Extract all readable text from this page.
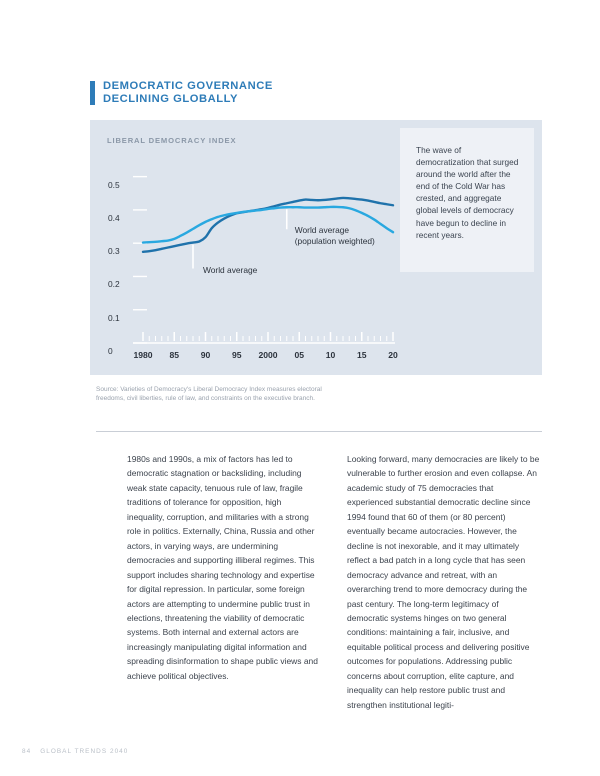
DEMOCRATIC GOVERNANCE
DECLINING GLOBALLY
LIBERAL DEMOCRACY INDEX
The wave of democratization that surged around the world after the end of the Cold War has crested, and aggregate global levels of democracy have begun to decline in recent years.
0
0.1
0.2
0.3
0.4
0.5
1980 85	90	95 2000 05	10	15	20
World average
World average
(population weighted)
Source: Varieties of Democracy's Liberal Democracy Index measures electoral freedoms, civil liberties, rule of law, and constraints on the executive branch.

1980s and 1990s, a mix of factors has led to democratic stagnation or backsliding, including weak state capacity, tenuous rule of law, fragile traditions of tolerance for opposition, high inequality, corruption, and militaries with a strong role in politics. Externally, China, Russia and other actors, in varying ways, are undermining democracies and supporting illiberal regimes. This support includes sharing technology and expertise for digital repression. In particular, some foreign actors are attempting to undermine public trust in elections, threatening the viability of democratic systems. Both internal and external actors are increasingly manipulating digital information and spreading disinformation to shape public views and achieve political objectives.

Looking forward, many democracies are likely to be vulnerable to further erosion and even collapse. An academic study of 75 democracies that experienced substantial democratic decline since 1994 found that 60 of them (or 80 percent) eventually became autocracies. However, the decline is not inexorable, and it may ultimately reflect a bad patch in a long cycle that has seen democracy advance and retreat, with an overarching trend to more democracy during the past century. The long-term legitimacy of democratic systems hinges on two general conditions: maintaining a fair, inclusive, and equitable political process and delivering positive outcomes for populations. Addressing public concerns about corruption, elite capture, and inequality can help restore public trust and strengthen institutional legiti-

84 GLOBAL TRENDS 2040
